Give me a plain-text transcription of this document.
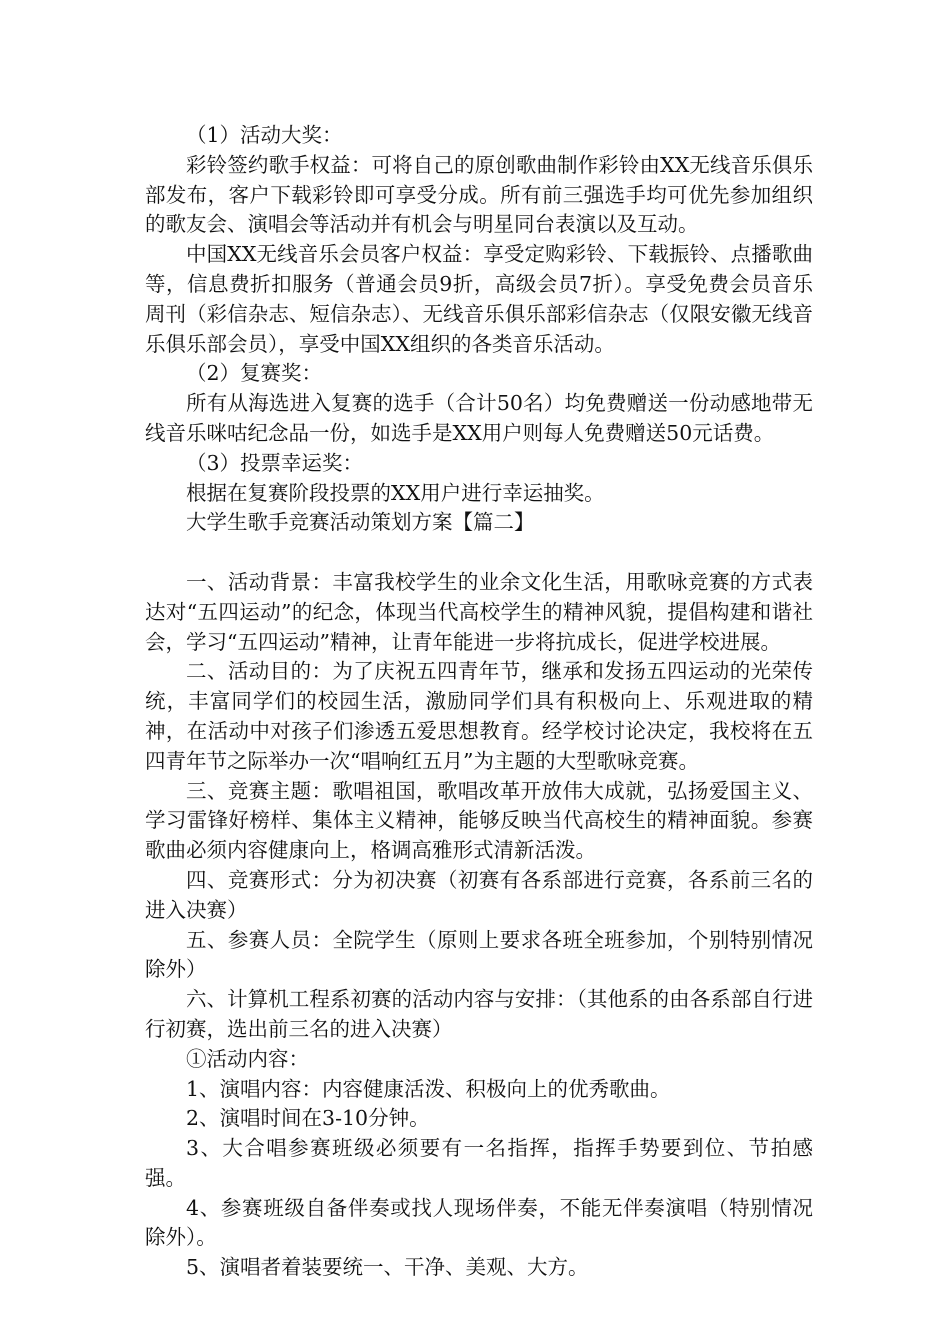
（1）活动大奖：

彩铃签约歌手权益：可将自己的原创歌曲制作彩铃由XX无线音乐俱乐部发布，客户下载彩铃即可享受分成。所有前三强选手均可优先参加组织的歌友会、演唱会等活动并有机会与明星同台表演以及互动。

中国XX无线音乐会员客户权益：享受定购彩铃、下载振铃、点播歌曲等，信息费折扣服务（普通会员9折，高级会员7折）。享受免费会员音乐周刊（彩信杂志、短信杂志）、无线音乐俱乐部彩信杂志（仅限安徽无线音乐俱乐部会员），享受中国XX组织的各类音乐活动。

（2）复赛奖：

所有从海选进入复赛的选手（合计50名）均免费赠送一份动感地带无线音乐咪咕纪念品一份，如选手是XX用户则每人免费赠送50元话费。

（3）投票幸运奖：

根据在复赛阶段投票的XX用户进行幸运抽奖。

大学生歌手竞赛活动策划方案【篇二】

一、活动背景：丰富我校学生的业余文化生活，用歌咏竞赛的方式表达对“五四运动”的纪念，体现当代高校学生的精神风貌，提倡构建和谐社会，学习“五四运动”精神，让青年能进一步将抗成长，促进学校进展。

二、活动目的：为了庆祝五四青年节，继承和发扬五四运动的光荣传统，丰富同学们的校园生活，激励同学们具有积极向上、乐观进取的精神，在活动中对孩子们渗透五爱思想教育。经学校讨论决定，我校将在五四青年节之际举办一次“唱响红五月”为主题的大型歌咏竞赛。

三、竞赛主题：歌唱祖国，歌唱改革开放伟大成就，弘扬爱国主义、学习雷锋好榜样、集体主义精神，能够反映当代高校生的精神面貌。参赛歌曲必须内容健康向上，格调高雅形式清新活泼。

四、竞赛形式：分为初决赛（初赛有各系部进行竞赛，各系前三名的进入决赛）

五、参赛人员：全院学生（原则上要求各班全班参加，个别特别情况除外）

六、计算机工程系初赛的活动内容与安排：（其他系的由各系部自行进行初赛，选出前三名的进入决赛）

①活动内容：

1、演唱内容：内容健康活泼、积极向上的优秀歌曲。

2、演唱时间在3-10分钟。

3、大合唱参赛班级必须要有一名指挥，指挥手势要到位、节拍感强。

4、参赛班级自备伴奏或找人现场伴奏，不能无伴奏演唱（特别情况除外）。

5、演唱者着装要统一、干净、美观、大方。
